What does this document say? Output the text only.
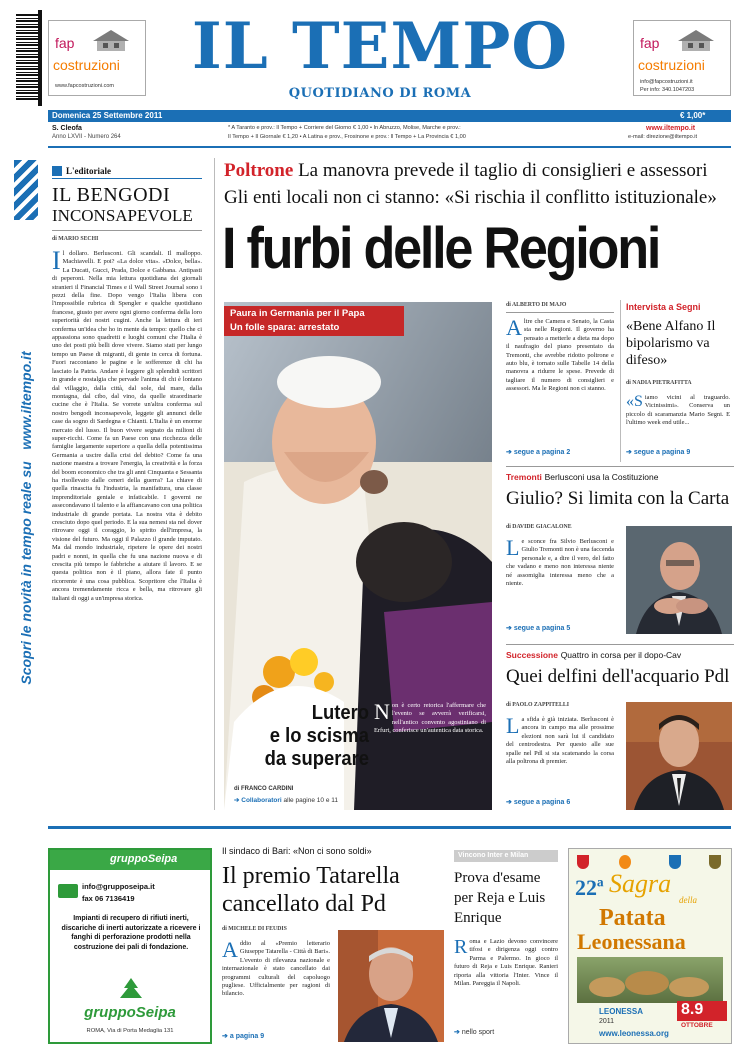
fap
costruzioni
www.fapcostruzioni.com
IL TEMPO
QUOTIDIANO DI ROMA
fap
costruzioni
info@fapcostruzioni.it
Per info: 340.1047203
Domenica 25 Settembre 2011	€ 1,00*
S. Cleofa
Anno LXVII - Numero 264
* A Taranto e prov.: Il Tempo + Corriere del Giorno € 1,00 • In Abruzzo, Molise, Marche e prov.:
Il Tempo + Il Giornale € 1,20 • A Latina e prov., Frosinone e prov.: Il Tempo + La Provincia € 1,00
www.iltempo.it
e-mail: direzione@iltempo.it
Scopri le novità in tempo reale su   www.iltempo.it
L'editoriale
IL BENGODI
INCONSAPEVOLE
di MARIO SECHI
Il dollaro. Berlusconi. Gli scandali. Il malloppo. Machiavelli. E poi? «La dolce vita». «Dolce, bella». La Ducati, Gucci, Prada, Dolce e Gabbana. Antipasti di peperoni. Nella mia lettura quotidiana dei giornali stranieri il Financial Times e il Wall Street Journal sono i pezzi della fine. Dopo vengo l'Italia libera con l'impossibile rubrica di Spengler e qualche quotidiano francese, giusto per avere ogni giorno conferma della loro superiorità dei nostri cugini. Anche la lettura di ieri conferma un'idea che ho in mente da tempo: quello che ci appassiona sono quadretti e luoghi comuni che l'Italia è uno dei posti più belli dove vivere. Siamo stati per lungo tempo un Paese di migranti, di gente in cerca di fortuna. Fuori raccontano le pagine e le sofferenze di chi ha lasciato la Patria. Andare è leggere gli splendidi scrittori in grande e nostalgia che pervade l'anima di chi è lontano dal villaggio, dalla città, dal sole, dal mare, dalla montagna, dal cibo, dal vino, da quelle straordinarie cucine che è l'Italia. Se vorrete un'altra conferma sul nostro bengodi inconsapevole, leggete gli annunci delle case da sogno di Sardegna e Chianti. L'Italia è un enorme mercato del lusso. Il buon vivere segnato da milioni di super-ricchi. Come fa un Paese con una ricchezza delle famiglie largamente superiore a quella della potentissima Germania a uscire dalla crisi del debito? Come fa una nazione maestra a trovare l'energia, la creatività e la forza del boom economico che tra gli anni Cinquanta e Sessanta ha risollevato dalle ceneri della guerra? La chiave di quella rinascita fu l'industria, la manifattura, una classe imprenditoriale geniale e infaticabile. I governi ne assecondavano il talento e la affiancavano con una politica industriale di grande portata. La nostra vita è debito cresciuto dopo quel periodo. E la sua nemesi sta nel dover ritrovare oggi il coraggio, lo spirito dell'impresa, la visione del futuro. Ma oggi il Palazzo il grande imputato. Ma dal mondo industriale, ripetere le opere dei nostri padri e nonni, in quella che fu una nazione nuova e di crescita più tempo le fabbriche a aiutare il lavoro. E se questa politica non è il piano, allora fate il punto ricorrente è una cosa pubblica. Scopritore che l'Italia è ancora tremendamente ricca e bella, ma ritrovare gli italiani di oggi a un'impresa storica.
Poltrone La manovra prevede il taglio di consiglieri e assessori
Gli enti locali non ci stanno: «Si rischia il conflitto istituzionale»
I furbi delle Regioni
Paura in Germania per il Papa
Un folle spara: arrestato
Lutero
e lo scisma
da superare
di FRANCO CARDINI
➔ Collaboratori alle pagine 10 e 11
Non è certo retorica l'affermare che l'evento se avverrà verificarsi, nell'antico convento agostiniano di Erfurt, conferisce un'autentica data storica.
di ALBERTO DI MAJO
Altre che Camera e Senato, la Casta sta nelle Regioni. Il governo ha pensato a metterle a dieta ma dopo il naufragio del piano presentato da Tremonti, che avrebbe ridotto poltrone e auto blu, è tornato sulle Tabelle 14 della manovra a ridurre le spese. Prevede di tagliare il numero di consiglieri e assessori. Ma le Regioni non ci stanno.
➔ segue a pagina 2
Intervista a Segni
«Bene Alfano Il bipolarismo va difeso»
di NADIA PIETRAFITTA
«Siamo vicini al traguardo. Vicinissimi». Conserva un piccolo di scaramanzia Mario Segni. E l'ultimo week end utile...
➔ segue a pagina 9
Tremonti Berlusconi usa la Costituzione
Giulio? Si limita con la Carta
di DAVIDE GIACALONE
Le sconce fra Silvio Berlusconi e Giulio Tremonti non è una faccenda personale e, a dire il vero, del fatto che vadano e meno non interessa niente né assomiglia interessa meno che a niente.
➔ segue a pagina 5
Successione Quattro in corsa per il dopo-Cav
Quei delfini dell'acquario Pdl
di PAOLO ZAPPITELLI
La sfida è già iniziata. Berlusconi è ancora in campo ma alle prossime elezioni non sarà lui il candidato del centrodestra. Per questo alle sue spalle nel Pdl si sta scatenando la corsa alla poltrona di premier.
➔ segue a pagina 6
gruppoSeipa
info@grupposeipa.it
fax 06 7136419
Impianti di recupero di rifiuti inerti, discariche di inerti autorizzate a ricevere i fanghi di perforazione prodotti nella costruzione dei pali di fondazione.
gruppoSeipa
ROMA, Via di Porta Medaglia 131
Il sindaco di Bari: «Non ci sono soldi»
Il premio Tatarella cancellato dal Pd
di MICHELE DI FEUDIS
Addio al «Premio letterario Giuseppe Tatarella - Città di Bari». L'evento di rilevanza nazionale e internazionale è stato cancellato dai programmi culturali del capoluogo pugliese. Ufficialmente per ragioni di bilancio.
➔ a pagina 9
Vincono Inter e Milan
Prova d'esame per Reja e Luis Enrique
Roma e Lazio devono convincere tifosi e dirigenza oggi contro Parma e Palermo. In gioco il futuro di Reja e Luis Enrique. Ranieri riporta alla vittoria l'Inter. Vince il Milan. Pareggia il Napoli.
➔ nello sport
22ª Sagra
della
Patata
Leonessana
LEONESSA 8.9
OTTOBRE
2011
www.leonessa.org
